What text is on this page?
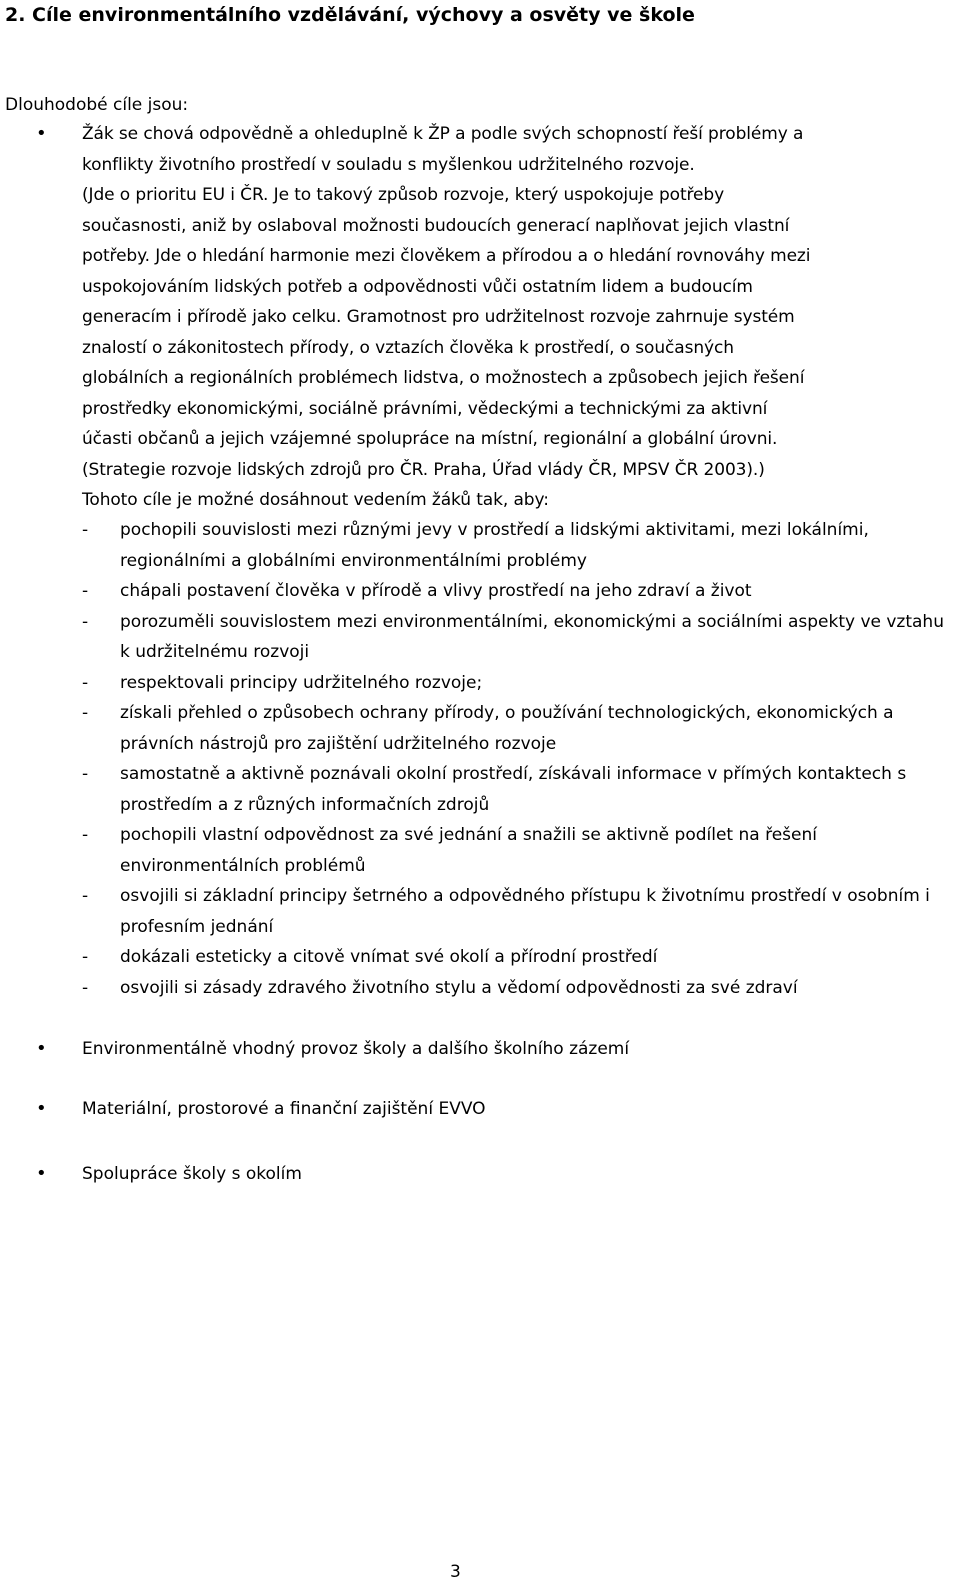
2. Cíle environmentálního vzdělávání, výchovy a osvěty ve škole
Dlouhodobé cíle jsou:
• Žák se chová odpovědně a ohleduplně k ŽP a podle svých schopností řeší problémy a
konflikty životního prostředí v souladu s myšlenkou udržitelného rozvoje.
(Jde o prioritu EU i ČR. Je to takový způsob rozvoje, který uspokojuje potřeby
současnosti, aniž by oslaboval možnosti budoucích generací naplňovat jejich vlastní
potřeby. Jde o hledání harmonie mezi člověkem a přírodou a o hledání rovnováhy mezi
uspokojováním lidských potřeb a odpovědnosti vůči ostatním lidem a budoucím
generacím i přírodě jako celku. Gramotnost pro udržitelnost rozvoje zahrnuje systém
znalostí o zákonitostech přírody, o vztazích člověka k prostředí, o současných
globálních a regionálních problémech lidstva, o možnostech a způsobech jejich řešení
prostředky ekonomickými, sociálně právními, vědeckými a technickými za aktivní
účasti občanů a jejich vzájemné spolupráce na místní, regionální a globální úrovni.
(Strategie rozvoje lidských zdrojů pro ČR. Praha, Úřad vlády ČR, MPSV ČR 2003).)
Tohoto cíle je možné dosáhnout vedením žáků tak, aby:
- pochopili souvislosti mezi různými jevy v prostředí a lidskými aktivitami, mezi lokálními, regionálními a globálními environmentálními problémy
- chápali postavení člověka v přírodě a vlivy prostředí na jeho zdraví a život
- porozuměli souvislostem mezi environmentálními, ekonomickými a sociálními aspekty ve vztahu k udržitelnému rozvoji
- respektovali principy udržitelného rozvoje;
- získali přehled o způsobech ochrany přírody, o používání technologických, ekonomických a právních nástrojů pro zajištění udržitelného rozvoje
- samostatně a aktivně poznávali okolní prostředí, získávali informace v přímých kontaktech s prostředím a z různých informačních zdrojů
- pochopili vlastní odpovědnost za své jednání a snažili se aktivně podílet na řešení environmentálních problémů
- osvojili si základní principy šetrného a odpovědného přístupu k životnímu prostředí v osobním i profesním jednání
- dokázali esteticky a citově vnímat své okolí a přírodní prostředí
- osvojili si zásady zdravého životního stylu a vědomí odpovědnosti za své zdraví
• Environmentálně vhodný provoz školy a dalšího školního zázemí
• Materiální, prostorové a finanční zajištění EVVO
• Spolupráce školy s okolím
3
